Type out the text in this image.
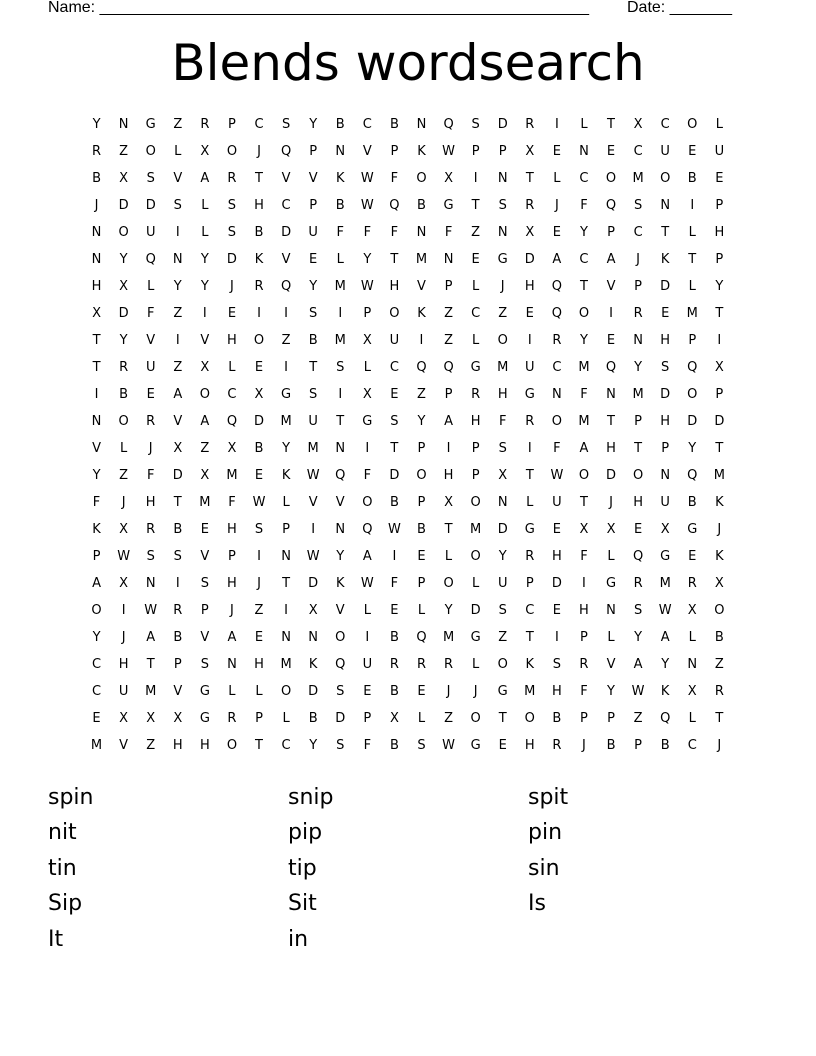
Name: _______________________________________________________ Date: _______
Blends wordsearch
Y	N	G	Z	R	P	C	S	Y	B	C	B	N	Q	S	D	R	I	L	T	X	C	O	L
R	Z	O	L	X	O	J	Q	P	N	V	P	K	W	P	P	X	E	N	E	C	U	E	U
B	X	S	V	A	R	T	V	V	K	W	F	O	X	I	N	T	L	C	O	M	O	B	E
J	D	D	S	L	S	H	C	P	B	W	Q	B	G	T	S	R	J	F	Q	S	N	I	P
N	O	U	I	L	S	B	D	U	F	F	F	N	F	Z	N	X	E	Y	P	C	T	L	H
N	Y	Q	N	Y	D	K	V	E	L	Y	T	M	N	E	G	D	A	C	A	J	K	T	P
H	X	L	Y	Y	J	R	Q	Y	M	W	H	V	P	L	J	H	Q	T	V	P	D	L	Y
X	D	F	Z	I	E	I	I	S	I	P	O	K	Z	C	Z	E	Q	O	I	R	E	M	T
T	Y	V	I	V	H	O	Z	B	M	X	U	I	Z	L	O	I	R	Y	E	N	H	P	I
T	R	U	Z	X	L	E	I	T	S	L	C	Q	Q	G	M	U	C	M	Q	Y	S	Q	X
I	B	E	A	O	C	X	G	S	I	X	E	Z	P	R	H	G	N	F	N	M	D	O	P
N	O	R	V	A	Q	D	M	U	T	G	S	Y	A	H	F	R	O	M	T	P	H	D	D
V	L	J	X	Z	X	B	Y	M	N	I	T	P	I	P	S	I	F	A	H	T	P	Y	T
Y	Z	F	D	X	M	E	K	W	Q	F	D	O	H	P	X	T	W	O	D	O	N	Q	M
F	J	H	T	M	F	W	L	V	V	O	B	P	X	O	N	L	U	T	J	H	U	B	K
K	X	R	B	E	H	S	P	I	N	Q	W	B	T	M	D	G	E	X	X	E	X	G	J
P	W	S	S	V	P	I	N	W	Y	A	I	E	L	O	Y	R	H	F	L	Q	G	E	K
A	X	N	I	S	H	J	T	D	K	W	F	P	O	L	U	P	D	I	G	R	M	R	X
O	I	W	R	P	J	Z	I	X	V	L	E	L	Y	D	S	C	E	H	N	S	W	X	O
Y	J	A	B	V	A	E	N	N	O	I	B	Q	M	G	Z	T	I	P	L	Y	A	L	B
C	H	T	P	S	N	H	M	K	Q	U	R	R	R	L	O	K	S	R	V	A	Y	N	Z
C	U	M	V	G	L	L	O	D	S	E	B	E	J	J	G	M	H	F	Y	W	K	X	R
E	X	X	X	G	R	P	L	B	D	P	X	L	Z	O	T	O	B	P	P	Z	Q	L	T
M	V	Z	H	H	O	T	C	Y	S	F	B	S	W	G	E	H	R	J	B	P	B	C	J
spin	snip	spit
nit	pip	pin
tin	tip	sin
Sip	Sit	Is
It	in
